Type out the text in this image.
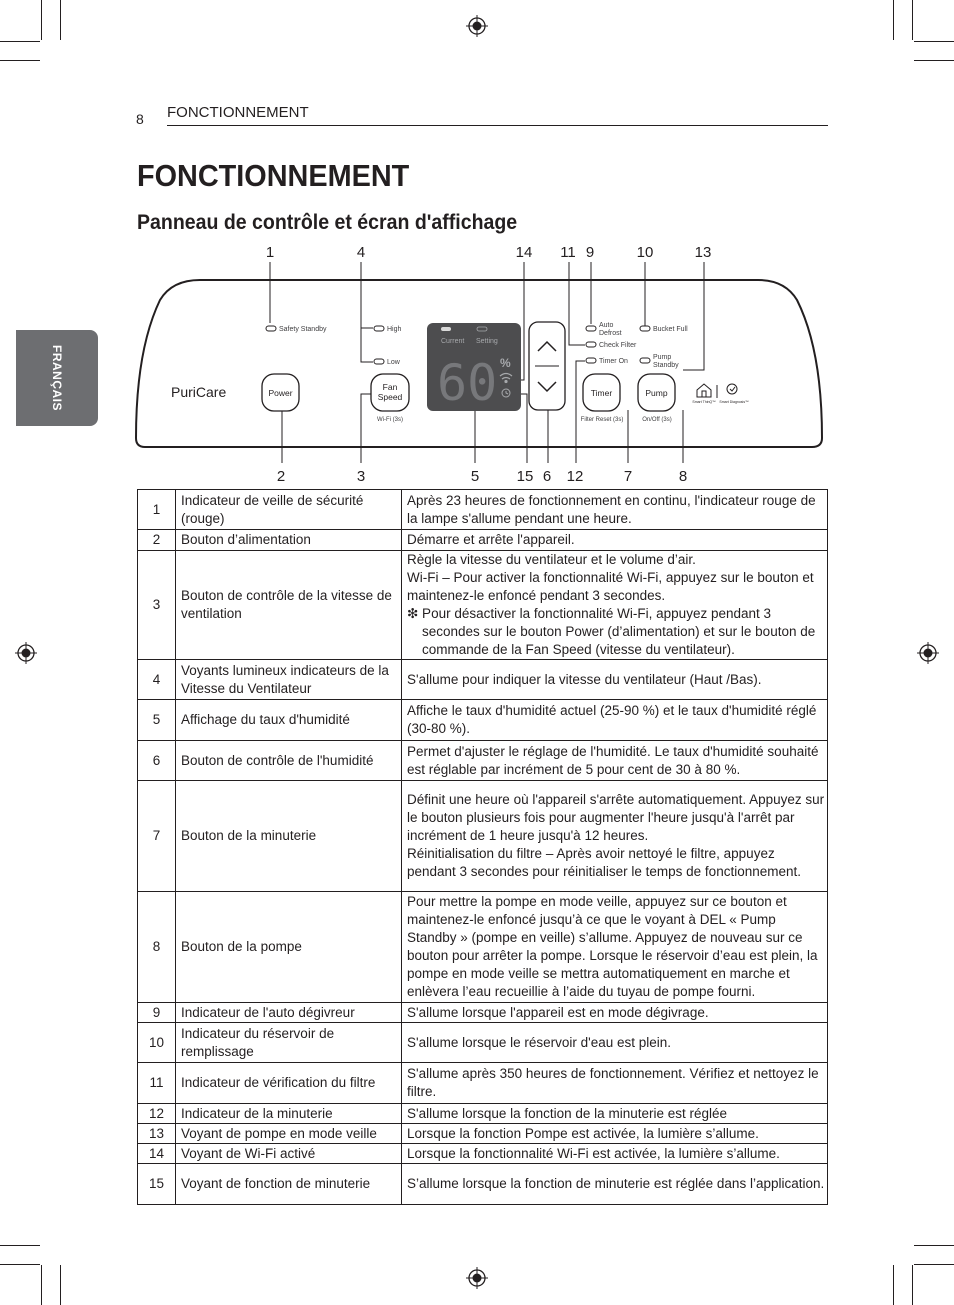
8 FONCTIONNEMENT
FRANÇAIS
FONCTIONNEMENT
Panneau de contrôle et écran d'affichage
1	4	14 11 9	10	13
2	3	5 15 6 12	7	8
PuriCare
Safety Standby	High
Low
Auto
Defrost
Check Filter
Timer On
Bucket Full
Pump
Standby
Current Setting
60 %
Power
Fan
Speed
Wi-Fi (3s)
Timer
Filter Reset (3s)
Pump
On/Off (3s)
Smart ThinQ™ Smart Diagnosis™
1	Indicateur de veille de sécurité (rouge)	Après 23 heures de fonctionnement en continu, l'indicateur rouge de la lampe s'allume pendant une heure.

2	Bouton d’alimentation	Démarre et arrête l'appareil.

3	Bouton de contrôle de la vitesse de ventilation	Règle la vitesse du ventilateur et le volume d’air.
Wi-Fi – Pour activer la fonctionnalité Wi-Fi, appuyez sur le bouton et maintenez-le enfoncé pendant 3 secondes.
❇ Pour désactiver la fonctionnalité Wi-Fi, appuyez pendant 3
secondes sur le bouton Power (d’alimentation) et sur le bouton de commande de la Fan Speed (vitesse du ventilateur).

4	Voyants lumineux indicateurs de la Vitesse du Ventilateur	S'allume pour indiquer la vitesse du ventilateur (Haut /Bas).

5	Affichage du taux d'humidité	Affiche le taux d'humidité actuel (25-90 %) et le taux d'humidité réglé (30-80 %).

6	Bouton de contrôle de l'humidité	Permet d'ajuster le réglage de l'humidité. Le taux d'humidité souhaité est réglable par incrément de 5 pour cent de 30 à 80 %.

7	Bouton de la minuterie	Définit une heure où l'appareil s'arrête automatiquement. Appuyez sur le bouton plusieurs fois pour augmenter l'heure jusqu'à l'arrêt par incrément de 1 heure jusqu'à 12 heures.
Réinitialisation du filtre – Après avoir nettoyé le filtre, appuyez pendant 3 secondes pour réinitialiser le temps de fonctionnement.

8	Bouton de la pompe	Pour mettre la pompe en mode veille, appuyez sur ce bouton et maintenez-le enfoncé jusqu’à ce que le voyant à DEL « Pump Standby » (pompe en veille) s’allume. Appuyez de nouveau sur ce bouton pour arrêter la pompe. Lorsque le réservoir d’eau est plein, la pompe en mode veille se mettra automatiquement en marche et enlèvera l’eau recueillie à l’aide du tuyau de pompe fourni.

9	Indicateur de l'auto dégivreur	S'allume lorsque l'appareil est en mode dégivrage.

10	Indicateur du réservoir de remplissage	S'allume lorsque le réservoir d'eau est plein.

11	Indicateur de vérification du filtre	S'allume après 350 heures de fonctionnement. Vérifiez et nettoyez le filtre.

12	Indicateur de la minuterie	S'allume lorsque la fonction de la minuterie est réglée

13	Voyant de pompe en mode veille	Lorsque la fonction Pompe est activée, la lumière s’allume.

14	Voyant de Wi-Fi activé	Lorsque la fonctionnalité Wi-Fi est activée, la lumière s’allume.

15	Voyant de fonction de minuterie	S’allume lorsque la fonction de minuterie est réglée dans l’application.
